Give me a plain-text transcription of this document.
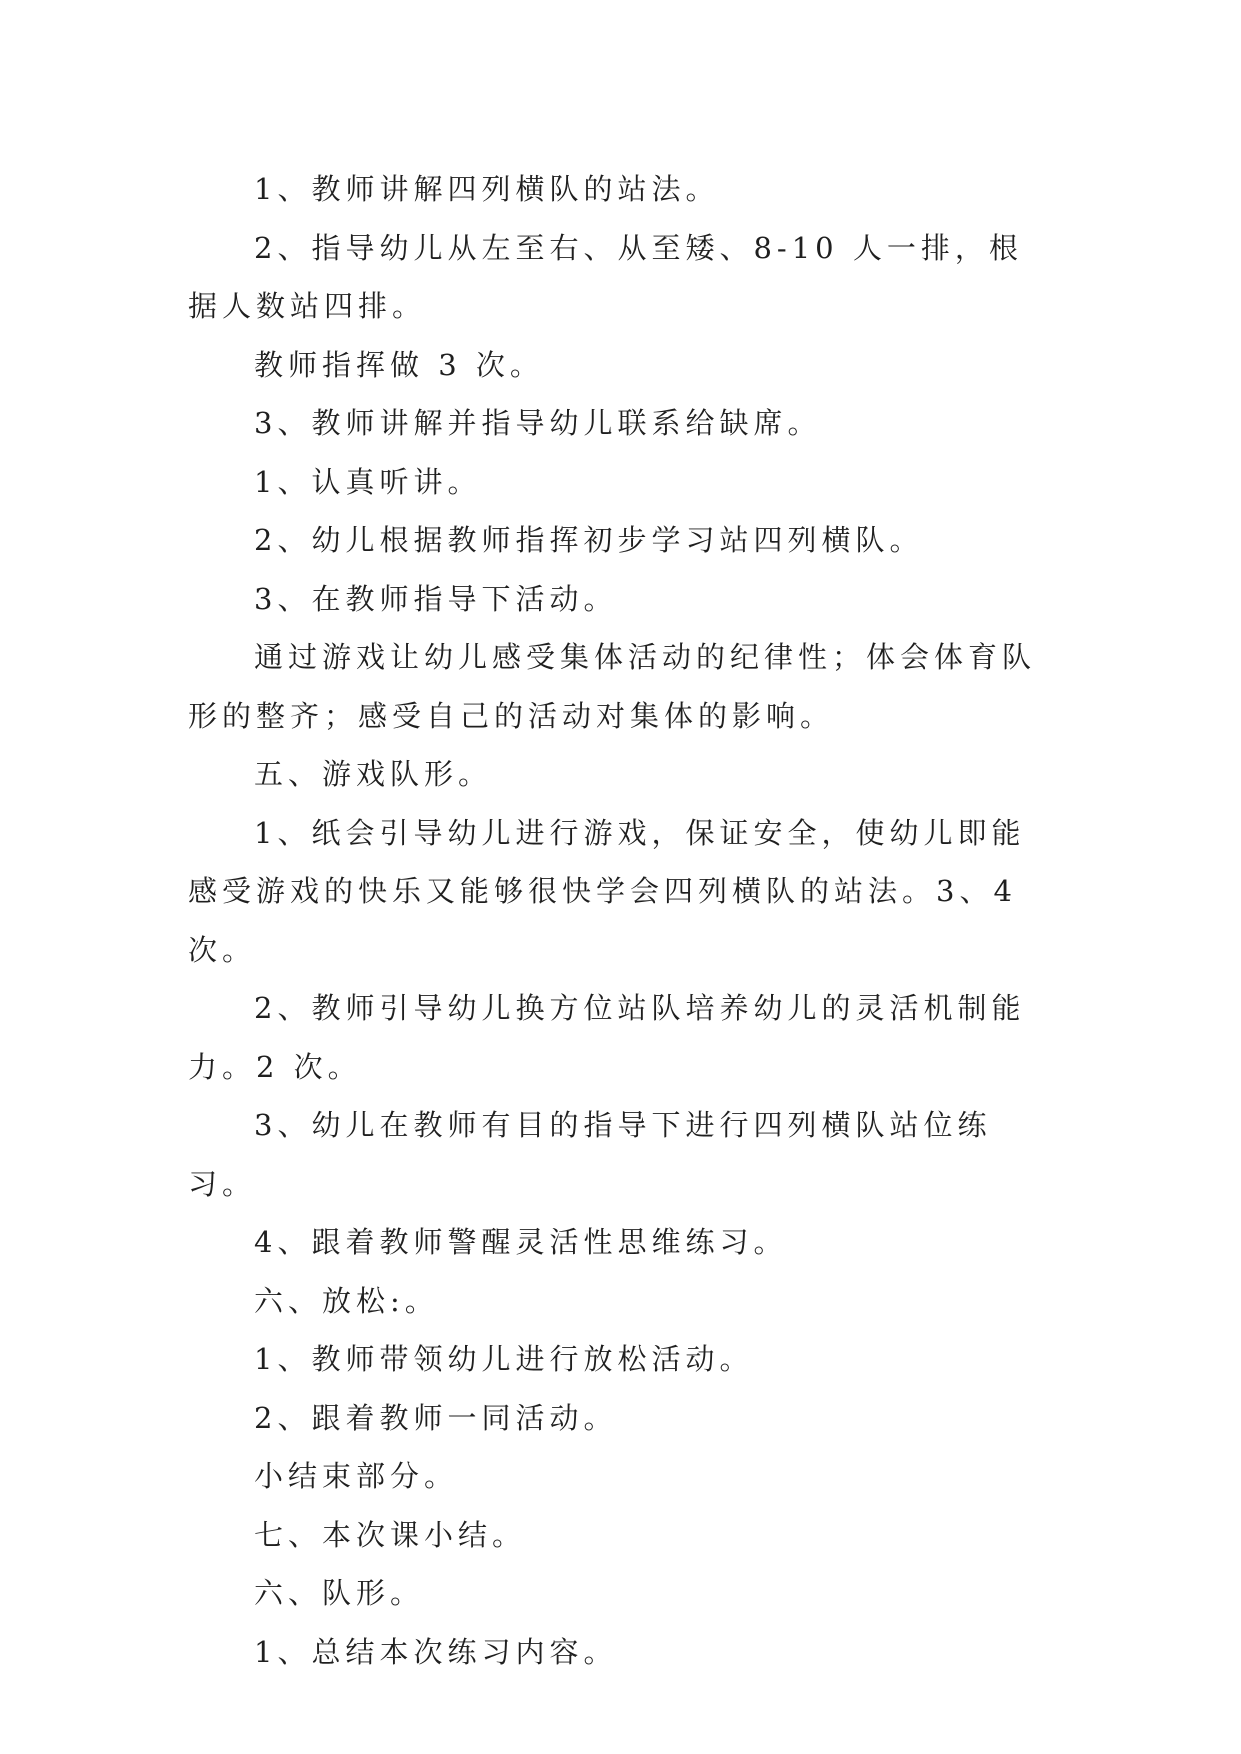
1、教师讲解四列横队的站法。

2、指导幼儿从左至右、从至矮、8-10 人一排，根据人数站四排。

教师指挥做 3 次。

3、教师讲解并指导幼儿联系给缺席。

1、认真听讲。

2、幼儿根据教师指挥初步学习站四列横队。

3、在教师指导下活动。

通过游戏让幼儿感受集体活动的纪律性；体会体育队形的整齐；感受自己的活动对集体的影响。

五、游戏队形。

1、纸会引导幼儿进行游戏，保证安全，使幼儿即能感受游戏的快乐又能够很快学会四列横队的站法。3、4 次。

2、教师引导幼儿换方位站队培养幼儿的灵活机制能力。2 次。

3、幼儿在教师有目的指导下进行四列横队站位练习。

4、跟着教师警醒灵活性思维练习。

六、放松:。

1、教师带领幼儿进行放松活动。

2、跟着教师一同活动。

小结束部分。

七、本次课小结。

六、队形。

1、总结本次练习内容。
